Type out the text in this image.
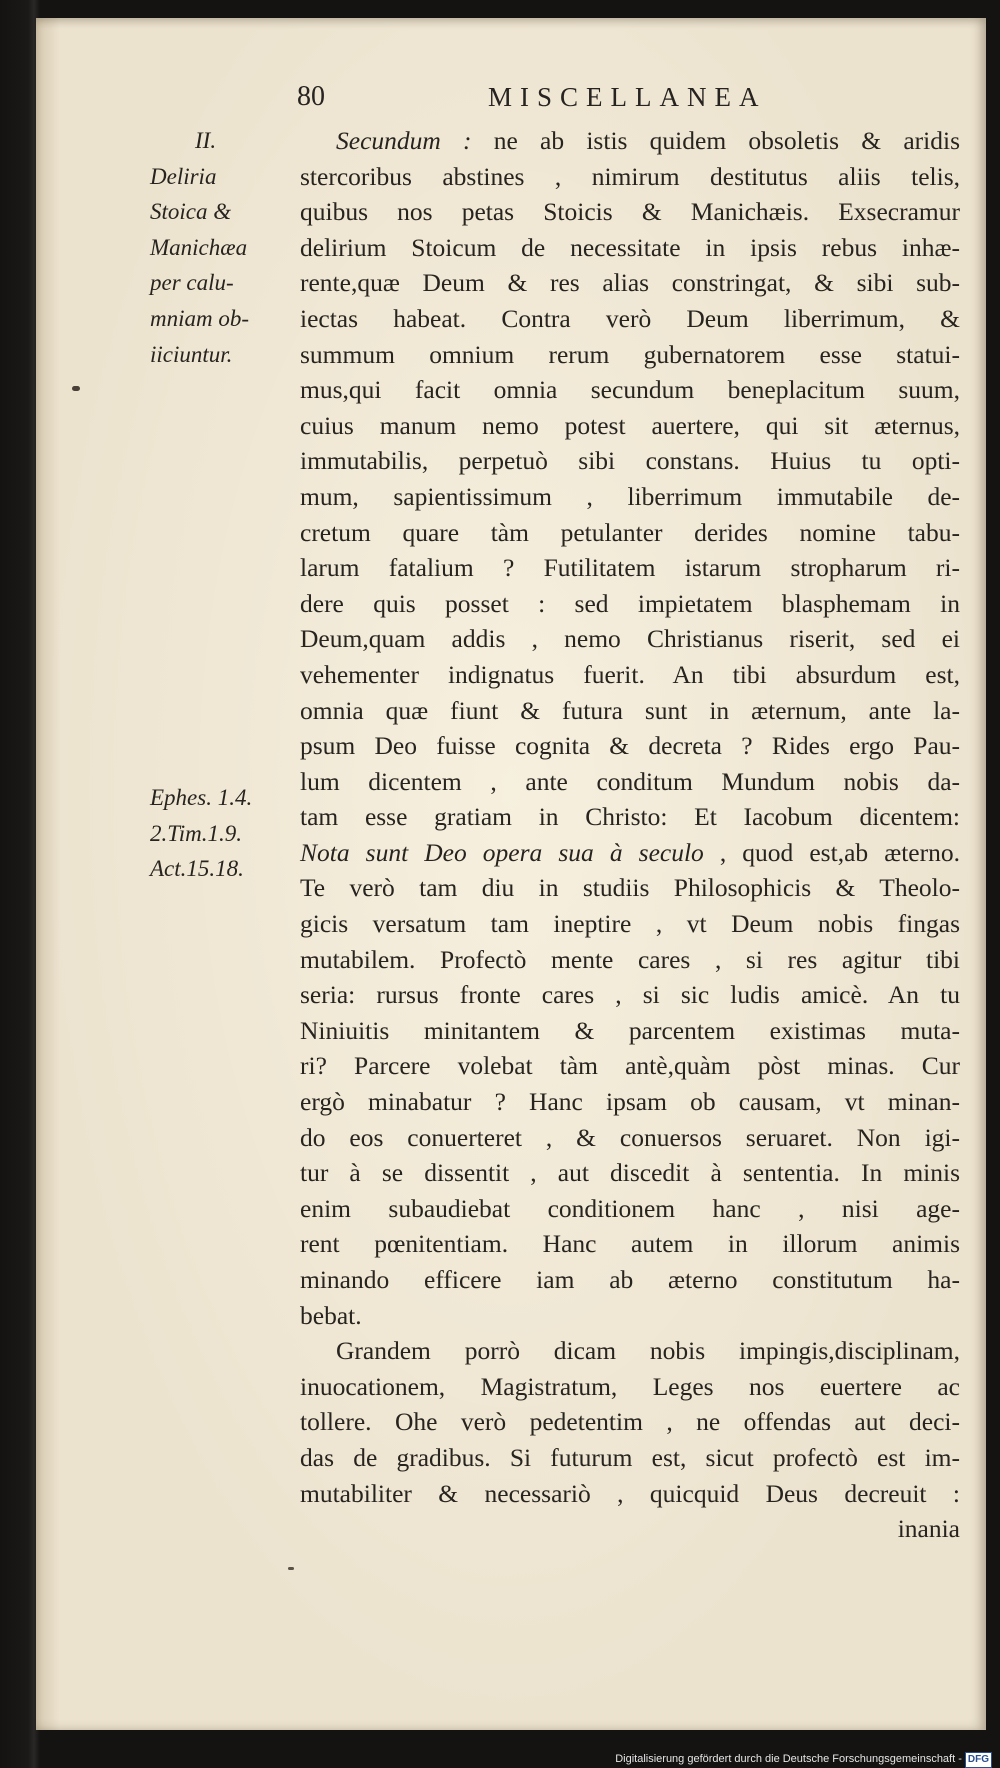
80	MISCELLANEA
II.
Deliria
Stoica &
Manichæa
per calu-
mniam ob-
iiciuntur.
Ephes. 1.4.
2.Tim.1.9.
Act.15.18.
Secundum : ne ab istis quidem obsoletis & aridis
stercoribus abstines , nimirum destitutus aliis telis,
quibus nos petas Stoicis & Manichæis. Exsecramur
delirium Stoicum de necessitate in ipsis rebus inhæ-
rente,quæ Deum & res alias constringat, & sibi sub-
iectas habeat. Contra verò Deum liberrimum, &
summum omnium rerum gubernatorem esse statui-
mus,qui facit omnia secundum beneplacitum suum,
cuius manum nemo potest auertere, qui sit æternus,
immutabilis, perpetuò sibi constans. Huius tu opti-
mum, sapientissimum , liberrimum immutabile de-
cretum quare tàm petulanter derides nomine tabu-
larum fatalium ? Futilitatem istarum stropharum ri-
dere quis posset : sed impietatem blasphemam in
Deum,quam addis , nemo Christianus riserit, sed ei
vehementer indignatus fuerit. An tibi absurdum est,
omnia quæ fiunt & futura sunt in æternum, ante la-
psum Deo fuisse cognita & decreta ? Rides ergo Pau-
lum dicentem , ante conditum Mundum nobis da-
tam esse gratiam in Christo: Et Iacobum dicentem:
Nota sunt Deo opera sua à seculo , quod est,ab æterno.
Te verò tam diu in studiis Philosophicis & Theolo-
gicis versatum tam ineptire , vt Deum nobis fingas
mutabilem. Profectò mente cares , si res agitur tibi
seria: rursus fronte cares , si sic ludis amicè. An tu
Niniuitis minitantem & parcentem existimas muta-
ri? Parcere volebat tàm antè,quàm pòst minas. Cur
ergò minabatur ? Hanc ipsam ob causam, vt minan-
do eos conuerteret , & conuersos seruaret. Non igi-
tur à se dissentit , aut discedit à sententia. In minis
enim subaudiebat conditionem hanc , nisi age-
rent pœnitentiam. Hanc autem in illorum animis
minando efficere iam ab æterno constitutum ha-
bebat.
Grandem porrò dicam nobis impingis,disciplinam,
inuocationem, Magistratum, Leges nos euertere ac
tollere. Ohe verò pedetentim , ne offendas aut deci-
das de gradibus. Si futurum est, sicut profectò est im-
mutabiliter & necessariò , quicquid Deus decreuit :
inania
Digitalisierung gefördert durch die Deutsche Forschungsgemeinschaft - DFG
